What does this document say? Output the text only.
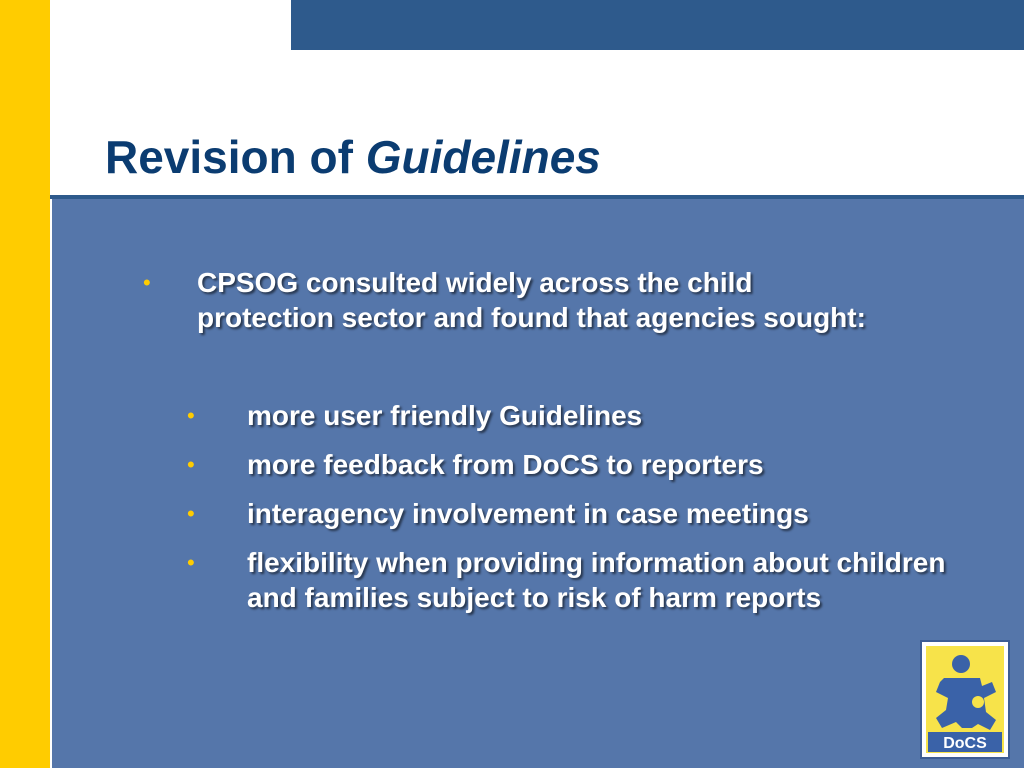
Revision of Guidelines
• CPSOG consulted widely across the child protection sector and found that agencies sought:
• more user friendly Guidelines
• more feedback from DoCS to reporters
• interagency involvement in case meetings
• flexibility when providing information about children and families subject to risk of harm reports
DoCS
